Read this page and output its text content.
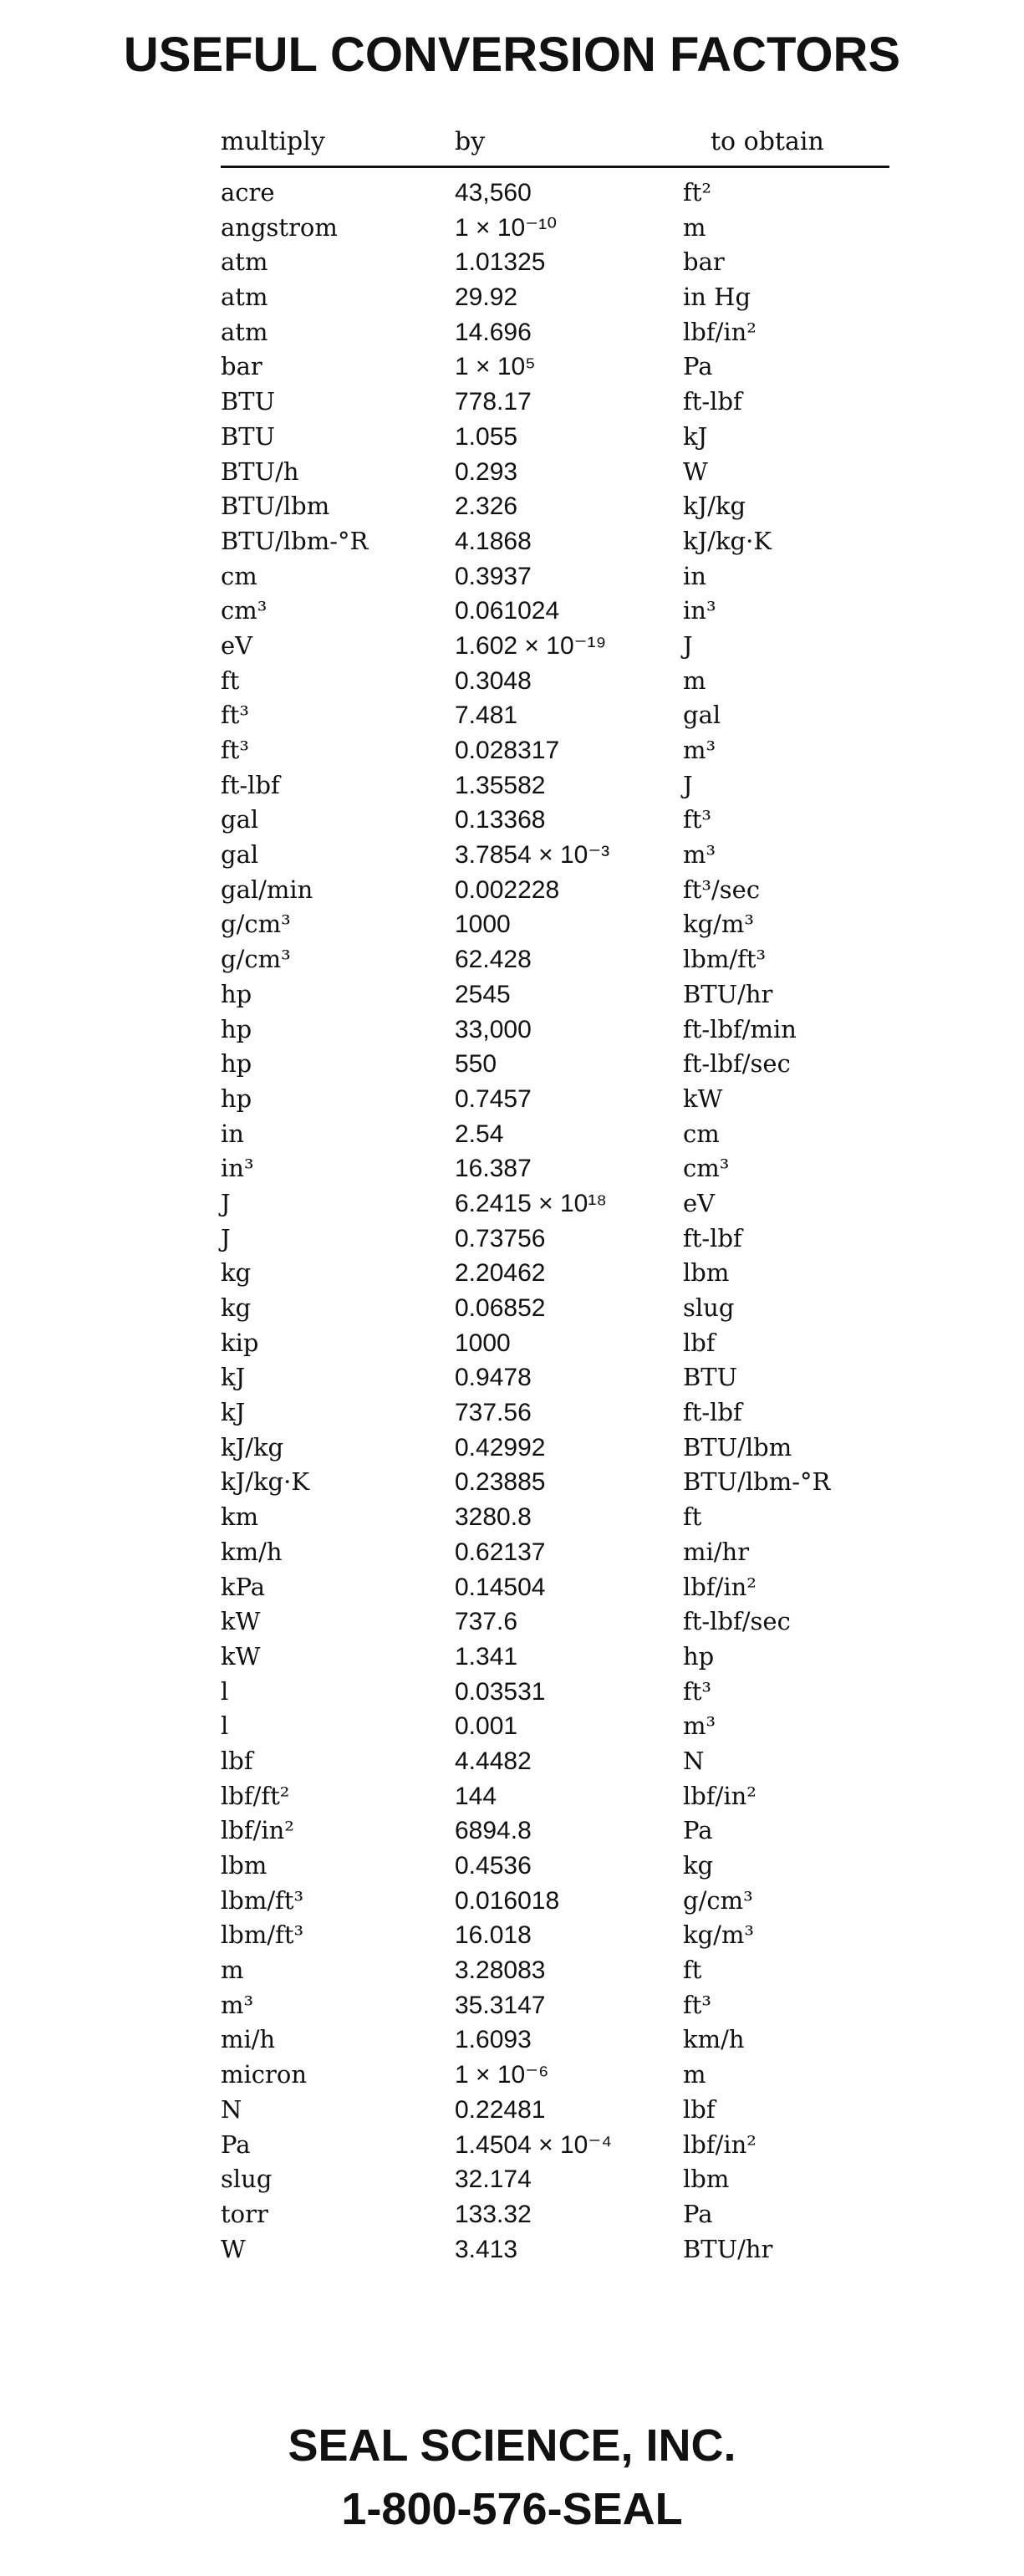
USEFUL CONVERSION FACTORS
multiply	by	to obtain
acre	43,560	ft²
angstrom	1 × 10⁻¹⁰	m
atm	1.01325	bar
atm	29.92	in Hg
atm	14.696	lbf/in²
bar	1 × 10⁵	Pa
BTU	778.17	ft-lbf
BTU	1.055	kJ
BTU/h	0.293	W
BTU/lbm	2.326	kJ/kg
BTU/lbm-°R	4.1868	kJ/kg·K
cm	0.3937	in
cm³	0.061024	in³
eV	1.602 × 10⁻¹⁹	J
ft	0.3048	m
ft³	7.481	gal
ft³	0.028317	m³
ft-lbf	1.35582	J
gal	0.13368	ft³
gal	3.7854 × 10⁻³	m³
gal/min	0.002228	ft³/sec
g/cm³	1000	kg/m³
g/cm³	62.428	lbm/ft³
hp	2545	BTU/hr
hp	33,000	ft-lbf/min
hp	550	ft-lbf/sec
hp	0.7457	kW
in	2.54	cm
in³	16.387	cm³
J	6.2415 × 10¹⁸	eV
J	0.73756	ft-lbf
kg	2.20462	lbm
kg	0.06852	slug
kip	1000	lbf
kJ	0.9478	BTU
kJ	737.56	ft-lbf
kJ/kg	0.42992	BTU/lbm
kJ/kg·K	0.23885	BTU/lbm-°R
km	3280.8	ft
km/h	0.62137	mi/hr
kPa	0.14504	lbf/in²
kW	737.6	ft-lbf/sec
kW	1.341	hp
l	0.03531	ft³
l	0.001	m³
lbf	4.4482	N
lbf/ft²	144	lbf/in²
lbf/in²	6894.8	Pa
lbm	0.4536	kg
lbm/ft³	0.016018	g/cm³
lbm/ft³	16.018	kg/m³
m	3.28083	ft
m³	35.3147	ft³
mi/h	1.6093	km/h
micron	1 × 10⁻⁶	m
N	0.22481	lbf
Pa	1.4504 × 10⁻⁴	lbf/in²
slug	32.174	lbm
torr	133.32	Pa
W	3.413	BTU/hr
SEAL SCIENCE, INC.
1-800-576-SEAL
